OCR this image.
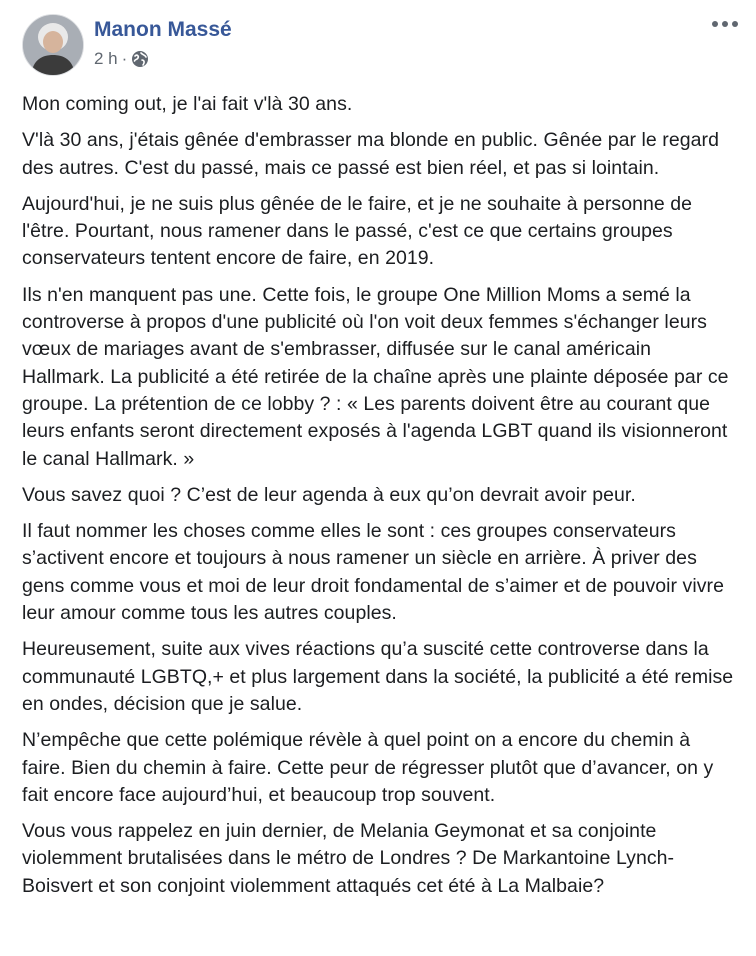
Manon Massé
2 h ·

Mon coming out, je l'ai fait v'là 30 ans.

V'là 30 ans, j'étais gênée d'embrasser ma blonde en public. Gênée par le regard des autres. C'est du passé, mais ce passé est bien réel, et pas si lointain.

Aujourd'hui, je ne suis plus gênée de le faire, et je ne souhaite à personne de l'être. Pourtant, nous ramener dans le passé, c'est ce que certains groupes conservateurs tentent encore de faire, en 2019.

Ils n'en manquent pas une. Cette fois, le groupe One Million Moms a semé la controverse à propos d'une publicité où l'on voit deux femmes s'échanger leurs vœux de mariages avant de s'embrasser, diffusée sur le canal américain Hallmark. La publicité a été retirée de la chaîne après une plainte déposée par ce groupe. La prétention de ce lobby ? : « Les parents doivent être au courant que leurs enfants seront directement exposés à l'agenda LGBT quand ils visionneront le canal Hallmark. »

Vous savez quoi ? C’est de leur agenda à eux qu’on devrait avoir peur.

Il faut nommer les choses comme elles le sont : ces groupes conservateurs s’activent encore et toujours à nous ramener un siècle en arrière. À priver des gens comme vous et moi de leur droit fondamental de s’aimer et de pouvoir vivre leur amour comme tous les autres couples.

Heureusement, suite aux vives réactions qu’a suscité cette controverse dans la communauté LGBTQ,+ et plus largement dans la société, la publicité a été remise en ondes, décision que je salue.

N’empêche que cette polémique révèle à quel point on a encore du chemin à faire. Bien du chemin à faire. Cette peur de régresser plutôt que d’avancer, on y fait encore face aujourd’hui, et beaucoup trop souvent.

Vous vous rappelez en juin dernier, de Melania Geymonat et sa conjointe violemment brutalisées dans le métro de Londres ? De Markantoine Lynch-Boisvert et son conjoint violemment attaqués cet été à La Malbaie?
